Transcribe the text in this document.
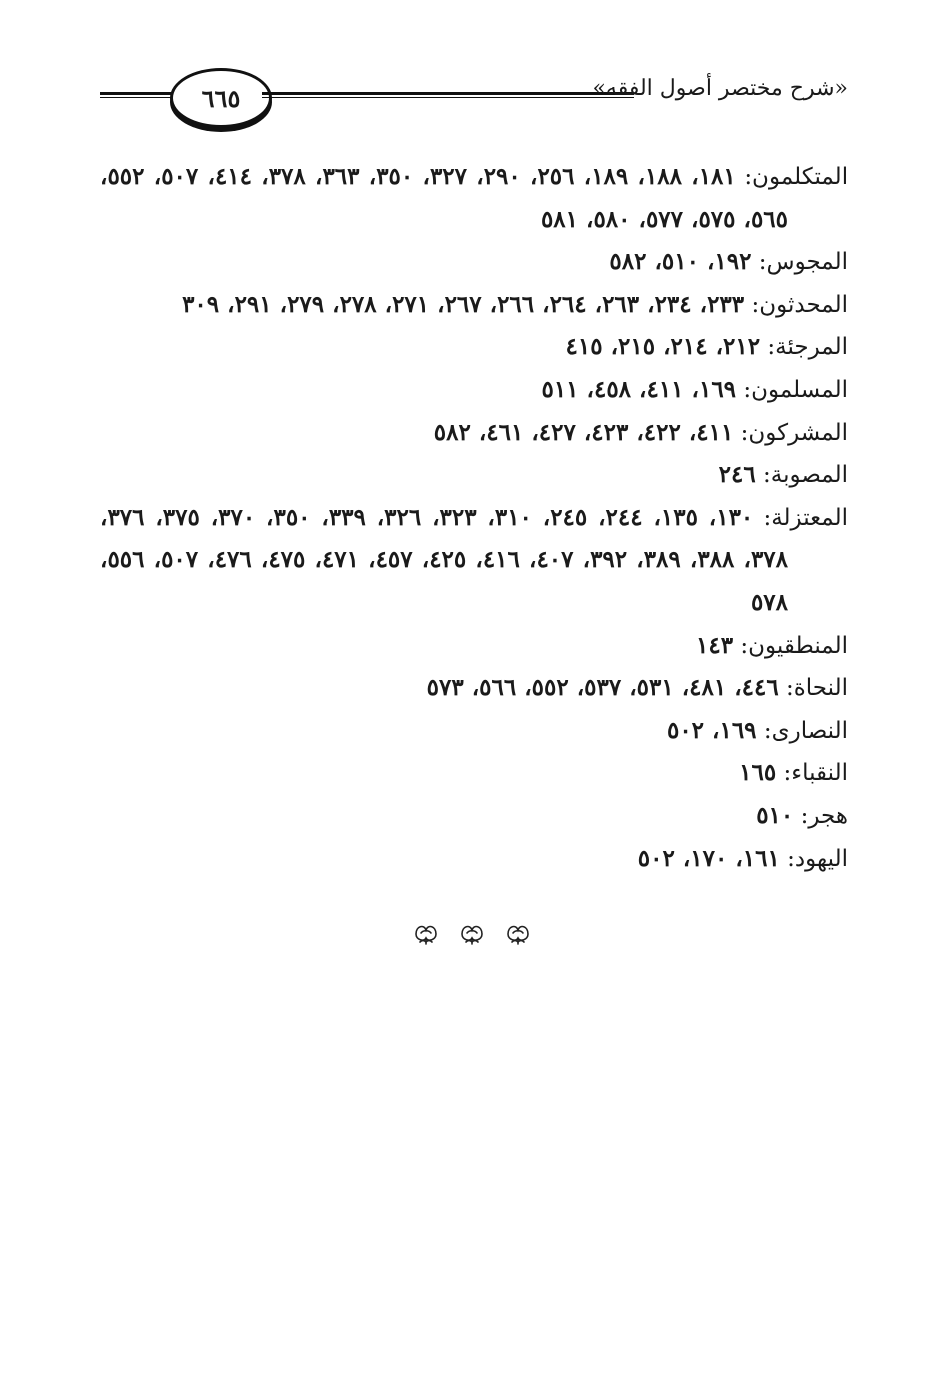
٦٦٥	«شرح مختصر أصول الفقه»
المتكلمون: ١٨١، ١٨٨، ١٨٩، ٢٥٦، ٢٩٠، ٣٢٧، ٣٥٠، ٣٦٣، ٣٧٨، ٤١٤، ٥٠٧، ٥٥٢، ٥٦٥، ٥٧٥، ٥٧٧، ٥٨٠، ٥٨١
المجوس: ١٩٢، ٥١٠، ٥٨٢
المحدثون: ٢٣٣، ٢٣٤، ٢٦٣، ٢٦٤، ٢٦٦، ٢٦٧، ٢٧١، ٢٧٨، ٢٧٩، ٢٩١، ٣٠٩
المرجئة: ٢١٢، ٢١٤، ٢١٥، ٤١٥
المسلمون: ١٦٩، ٤١١، ٤٥٨، ٥١١
المشركون: ٤١١، ٤٢٢، ٤٢٣، ٤٢٧، ٤٦١، ٥٨٢
المصوبة: ٢٤٦
المعتزلة: ١٣٠، ١٣٥، ٢٤٤، ٢٤٥، ٣١٠، ٣٢٣، ٣٢٦، ٣٣٩، ٣٥٠، ٣٧٠، ٣٧٥، ٣٧٦، ٣٧٨، ٣٨٨، ٣٨٩، ٣٩٢، ٤٠٧، ٤١٦، ٤٢٥، ٤٥٧، ٤٧١، ٤٧٥، ٤٧٦، ٥٠٧، ٥٥٦، ٥٧٨
المنطقيون: ١٤٣
النحاة: ٤٤٦، ٤٨١، ٥٣١، ٥٣٧، ٥٥٢، ٥٦٦، ٥٧٣
النصارى: ١٦٩، ٥٠٢
النقباء: ١٦٥
هجر: ٥١٠
اليهود: ١٦١، ١٧٠، ٥٠٢
